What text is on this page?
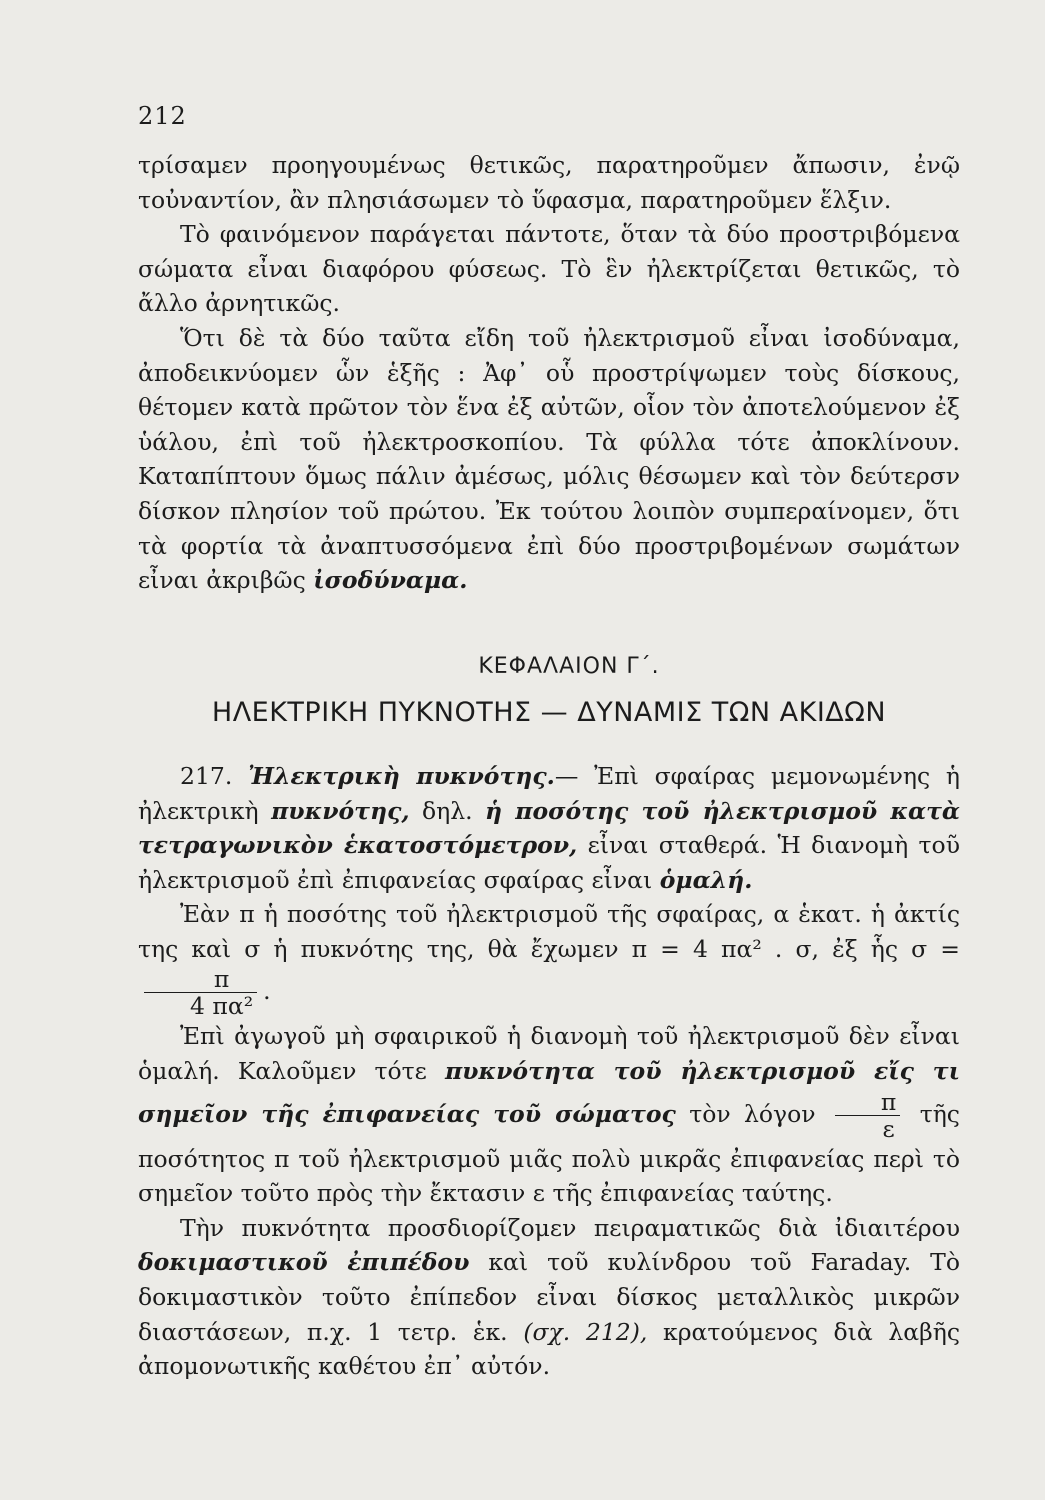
212

τρίσαμεν προηγουμένως θετικῶς, παρατηροῦμεν ἄπωσιν, ἐνῷ τοὐναντίον, ἂν πλησιάσωμεν τὸ ὕφασμα, παρατηροῦμεν ἕλξιν.

Τὸ φαινόμενον παράγεται πάντοτε, ὅταν τὰ δύο προστριβόμενα σώματα εἶναι διαφόρου φύσεως. Τὸ ἓν ἠλεκτρίζεται θετικῶς, τὸ ἄλλο ἀρνητικῶς.

Ὅτι δὲ τὰ δύο ταῦτα εἴδη τοῦ ἠλεκτρισμοῦ εἶναι ἰσοδύναμα, ἀποδεικνύομεν ὧν ἑξῆς : Ἀφ᾿ οὗ προστρίψωμεν τοὺς δίσκους, θέτομεν κατὰ πρῶτον τὸν ἕνα ἐξ αὐτῶν, οἷον τὸν ἀποτελούμενον ἐξ ὑάλου, ἐπὶ τοῦ ἠλεκτροσκοπίου. Τὰ φύλλα τότε ἀποκλίνουν. Καταπίπτουν ὅμως πάλιν ἀμέσως, μόλις θέσωμεν καὶ τὸν δεύτερσν δίσκον πλησίον τοῦ πρώτου. Ἐκ τούτου λοιπὸν συμπεραίνομεν, ὅτι τὰ φορτία τὰ ἀναπτυσσόμενα ἐπὶ δύο προστριβομένων σωμάτων εἶναι ἀκριβῶς ἰσοδύναμα.

ΚΕΦΑΛΑΙΟΝ Γ΄.
ΗΛΕΚΤΡΙΚΗ ΠΥΚΝΟΤΗΣ — ΔΥΝΑΜΙΣ ΤΩΝ ΑΚΙΔΩΝ

217. Ἠλεκτρικὴ πυκνότης.— Ἐπὶ σφαίρας μεμονωμένης ἡ ἠλεκτρικὴ πυκνότης, δηλ. ἡ ποσότης τοῦ ἠλεκτρισμοῦ κατὰ τετραγωνικὸν ἑκατοστόμετρον, εἶναι σταθερά. Ἡ διανομὴ τοῦ ἠλεκτρισμοῦ ἐπὶ ἐπιφανείας σφαίρας εἶναι ὁμαλή.

Ἐὰν π ἡ ποσότης τοῦ ἠλεκτρισμοῦ τῆς σφαίρας, α ἑκατ. ἡ ἀκτίς της καὶ σ ἡ πυκνότης της, θὰ ἔχωμεν π = 4 πα² . σ, ἐξ ἧς σ =
$\frac{\pi}{\text{4 πα²}}$ .

Ἐπὶ ἀγωγοῦ μὴ σφαιρικοῦ ἡ διανομὴ τοῦ ἠλεκτρισμοῦ δὲν εἶναι ὁμαλή. Καλοῦμεν τότε πυκνότητα τοῦ ἠλεκτρισμοῦ εἴς τι σημεῖον τῆς ἐπιφανείας τοῦ σώματος τὸν λόγον $\frac{\pi}{\varepsilon}$ τῆς ποσότητος π τοῦ ἠλεκτρισμοῦ μιᾶς πολὺ μικρᾶς ἐπιφανείας περὶ τὸ σημεῖον τοῦτο πρὸς τὴν ἔκτασιν ε τῆς ἐπιφανείας ταύτης.

Τὴν πυκνότητα προσδιορίζομεν πειραματικῶς διὰ ἰδιαιτέρου δοκιμαστικοῦ ἐπιπέδου καὶ τοῦ κυλίνδρου τοῦ Faraday. Τὸ δοκιμαστικὸν τοῦτο ἐπίπεδον εἶναι δίσκος μεταλλικὸς μικρῶν διαστάσεων, π.χ. 1 τετρ. ἑκ. (σχ. 212), κρατούμενος διὰ λαβῆς ἀπομονωτικῆς καθέτου ἐπ᾿ αὐτόν.
